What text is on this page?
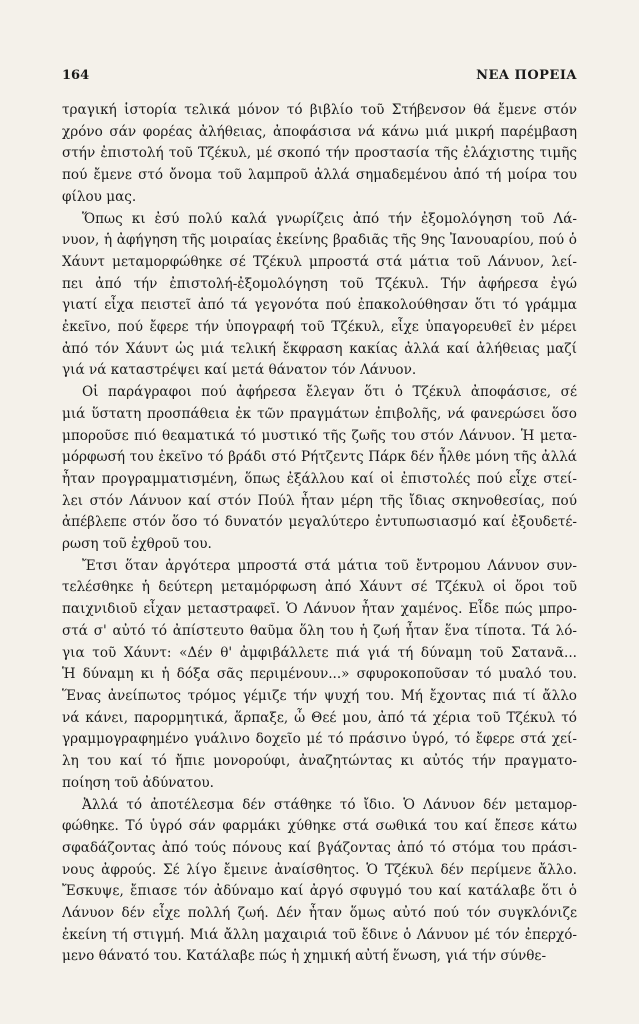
164	ΝΕΑ ΠΟΡΕΙΑ
τραγική ἱστορία τελικά μόνον τό βιβλίο τοῦ Στήβενσον θά ἔμενε στόν
χρόνο σάν φορέας ἀλήθειας, ἀποφάσισα νά κάνω μιά μικρή παρέμβαση
στήν ἐπιστολή τοῦ Τζέκυλ, μέ σκοπό τήν προστασία τῆς ἐλάχιστης τιμῆς
πού ἔμενε στό ὄνομα τοῦ λαμπροῦ ἀλλά σημαδεμένου ἀπό τή μοίρα του
φίλου μας.
Ὅπως κι ἐσύ πολύ καλά γνωρίζεις ἀπό τήν ἐξομολόγηση τοῦ Λά-
νυον, ἡ ἀφήγηση τῆς μοιραίας ἐκείνης βραδιᾶς τῆς 9ης Ἰανουαρίου, πού ὁ
Χάυντ μεταμορφώθηκε σέ Τζέκυλ μπροστά στά μάτια τοῦ Λάνυον, λεί-
πει ἀπό τήν ἐπιστολή-ἐξομολόγηση τοῦ Τζέκυλ. Τήν ἀφήρεσα ἐγώ
γιατί εἶχα πειστεῖ ἀπό τά γεγονότα πού ἐπακολούθησαν ὅτι τό γράμμα
ἐκεῖνο, πού ἔφερε τήν ὑπογραφή τοῦ Τζέκυλ, εἶχε ὑπαγορευθεῖ ἐν μέρει
ἀπό τόν Χάυντ ὡς μιά τελική ἔκφραση κακίας ἀλλά καί ἀλήθειας μαζί
γιά νά καταστρέψει καί μετά θάνατον τόν Λάνυον.
Οἱ παράγραφοι πού ἀφήρεσα ἔλεγαν ὅτι ὁ Τζέκυλ ἀποφάσισε, σέ
μιά ὕστατη προσπάθεια ἐκ τῶν πραγμάτων ἐπιβολῆς, νά φανερώσει ὅσο
μποροῦσε πιό θεαματικά τό μυστικό τῆς ζωῆς του στόν Λάνυον. Ἡ μετα-
μόρφωσή του ἐκεῖνο τό βράδι στό Ρήτζεντς Πάρκ δέν ἦλθε μόνη τῆς ἀλλά
ἦταν προγραμματισμένη, ὅπως ἐξάλλου καί οἱ ἐπιστολές πού εἶχε στεί-
λει στόν Λάνυον καί στόν Πούλ ἦταν μέρη τῆς ἴδιας σκηνοθεσίας, πού
ἀπέβλεπε στόν ὅσο τό δυνατόν μεγαλύτερο ἐντυπωσιασμό καί ἐξουδετέ-
ρωση τοῦ ἐχθροῦ του.
Ἔτσι ὅταν ἀργότερα μπροστά στά μάτια τοῦ ἔντρομου Λάνυον συν-
τελέσθηκε ἡ δεύτερη μεταμόρφωση ἀπό Χάυντ σέ Τζέκυλ οἱ ὅροι τοῦ
παιχνιδιοῦ εἶχαν μεταστραφεῖ. Ὁ Λάνυον ἦταν χαμένος. Εἶδε πώς μπρο-
στά σ' αὐτό τό ἀπίστευτο θαῦμα ὅλη του ἡ ζωή ἦταν ἕνα τίποτα. Τά λό-
για τοῦ Χάυντ: «Δέν θ' ἀμφιβάλλετε πιά γιά τή δύναμη τοῦ Σατανᾶ...
Ἡ δύναμη κι ἡ δόξα σᾶς περιμένουν...» σφυροκοποῦσαν τό μυαλό του.
Ἕνας ἀνείπωτος τρόμος γέμιζε τήν ψυχή του. Μή ἔχοντας πιά τί ἄλλο
νά κάνει, παρορμητικά, ἅρπαξε, ὦ Θεέ μου, ἀπό τά χέρια τοῦ Τζέκυλ τό
γραμμογραφημένο γυάλινο δοχεῖο μέ τό πράσινο ὑγρό, τό ἔφερε στά χεί-
λη του καί τό ἤπιε μονορούφι, ἀναζητώντας κι αὐτός τήν πραγματο-
ποίηση τοῦ ἀδύνατου.
Ἀλλά τό ἀποτέλεσμα δέν στάθηκε τό ἴδιο. Ὁ Λάνυον δέν μεταμορ-
φώθηκε. Τό ὑγρό σάν φαρμάκι χύθηκε στά σωθικά του καί ἔπεσε κάτω
σφαδάζοντας ἀπό τούς πόνους καί βγάζοντας ἀπό τό στόμα του πράσι-
νους ἀφρούς. Σέ λίγο ἔμεινε ἀναίσθητος. Ὁ Τζέκυλ δέν περίμενε ἄλλο.
Ἔσκυψε, ἔπιασε τόν ἀδύναμο καί ἀργό σφυγμό του καί κατάλαβε ὅτι ὁ
Λάνυον δέν εἶχε πολλή ζωή. Δέν ἦταν ὅμως αὐτό πού τόν συγκλόνιζε
ἐκείνη τή στιγμή. Μιά ἄλλη μαχαιριά τοῦ ἔδινε ὁ Λάνυον μέ τόν ἐπερχό-
μενο θάνατό του. Κατάλαβε πώς ἡ χημική αὐτή ἕνωση, γιά τήν σύνθε-
